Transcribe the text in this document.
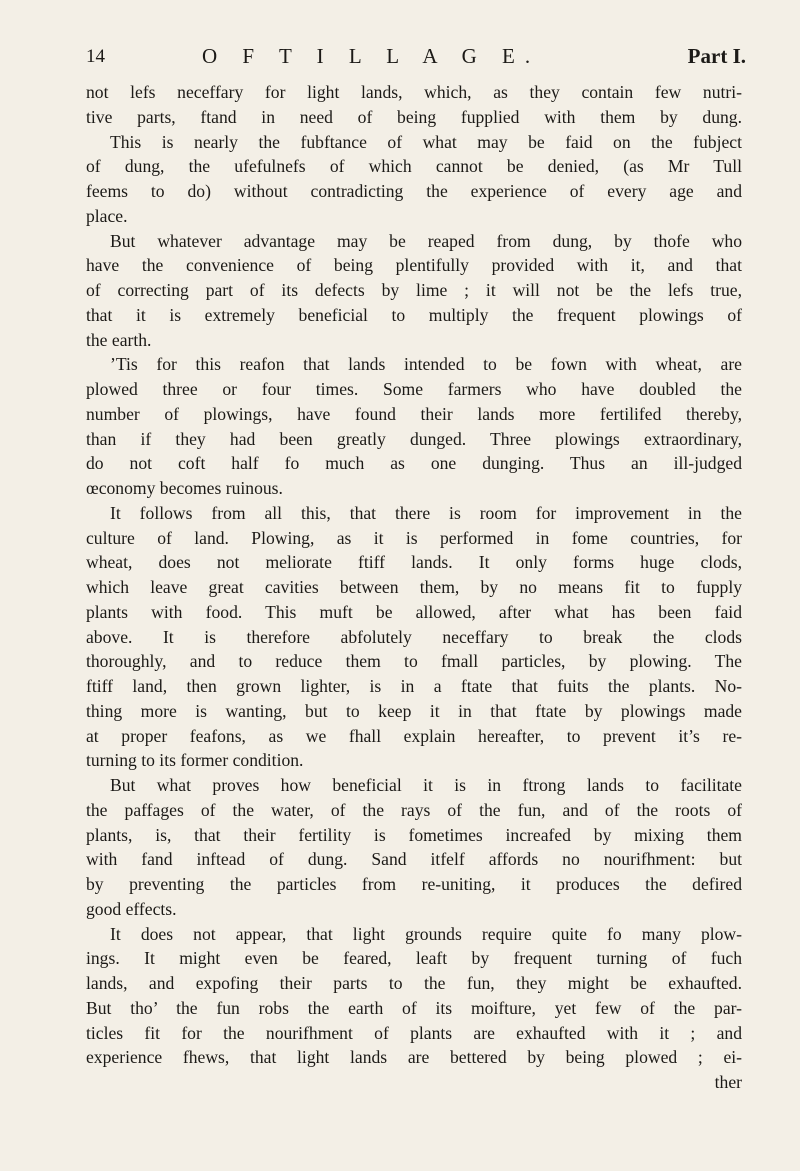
14	O F T I L L A G E.	Part I.
not lefs neceffary for light lands, which, as they contain few nutri-
tive parts, ftand in need of being fupplied with them by dung.
This is nearly the fubftance of what may be faid on the fubject
of dung, the ufefulnefs of which cannot be denied, (as Mr Tull
feems to do) without contradicting the experience of every age and
place.
But whatever advantage may be reaped from dung, by thofe who
have the convenience of being plentifully provided with it, and that
of correcting part of its defects by lime ; it will not be the lefs true,
that it is extremely beneficial to multiply the frequent plowings of
the earth.
’Tis for this reafon that lands intended to be fown with wheat, are
plowed three or four times. Some farmers who have doubled the
number of plowings, have found their lands more fertilifed thereby,
than if they had been greatly dunged. Three plowings extraordinary,
do not coft half fo much as one dunging. Thus an ill-judged
œconomy becomes ruinous.
It follows from all this, that there is room for improvement in the
culture of land. Plowing, as it is performed in fome countries, for
wheat, does not meliorate ftiff lands. It only forms huge clods,
which leave great cavities between them, by no means fit to fupply
plants with food. This muft be allowed, after what has been faid
above. It is therefore abfolutely neceffary to break the clods
thoroughly, and to reduce them to fmall particles, by plowing. The
ftiff land, then grown lighter, is in a ftate that fuits the plants. No-
thing more is wanting, but to keep it in that ftate by plowings made
at proper feafons, as we fhall explain hereafter, to prevent it’s re-
turning to its former condition.
But what proves how beneficial it is in ftrong lands to facilitate
the paffages of the water, of the rays of the fun, and of the roots of
plants, is, that their fertility is fometimes increafed by mixing them
with fand inftead of dung. Sand itfelf affords no nourifhment: but
by preventing the particles from re-uniting, it produces the defired
good effects.
It does not appear, that light grounds require quite fo many plow-
ings. It might even be feared, leaft by frequent turning of fuch
lands, and expofing their parts to the fun, they might be exhaufted.
But tho’ the fun robs the earth of its moifture, yet few of the par-
ticles fit for the nourifhment of plants are exhaufted with it ; and
experience fhews, that light lands are bettered by being plowed ; ei-
ther
